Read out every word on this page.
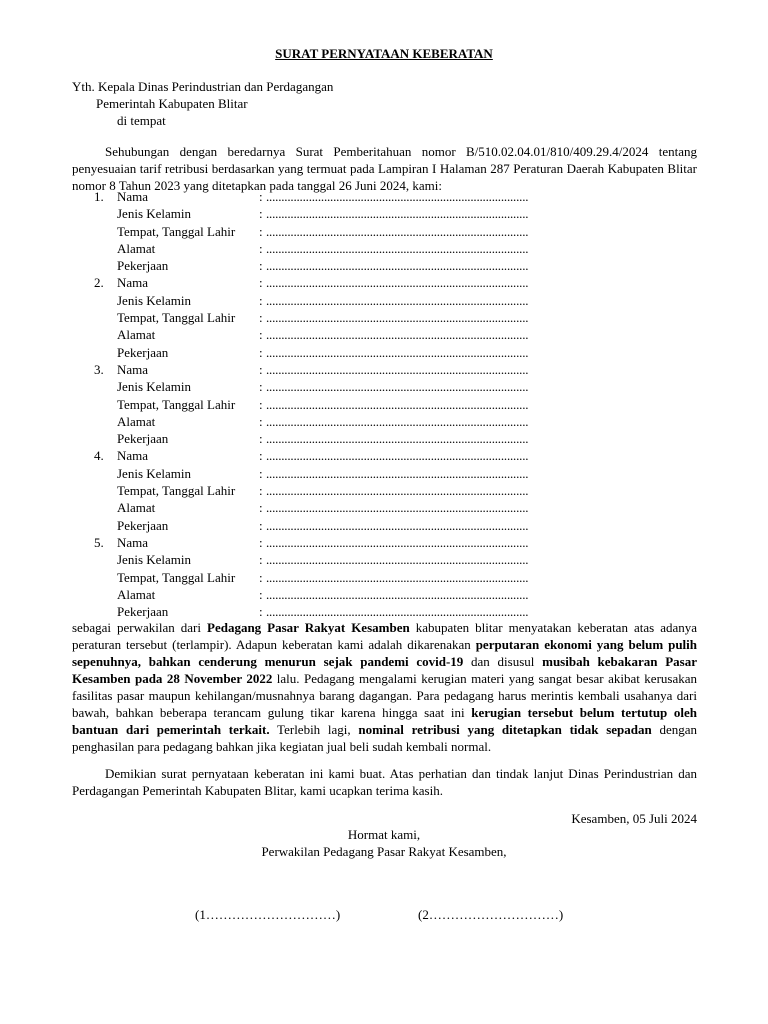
SURAT PERNYATAAN KEBERATAN
Yth. Kepala Dinas Perindustrian dan Perdagangan
Pemerintah Kabupaten Blitar
di tempat
Sehubungan dengan beredarnya Surat Pemberitahuan nomor B/510.02.04.01/810/409.29.4/2024 tentang penyesuaian tarif retribusi berdasarkan yang termuat pada Lampiran I Halaman 287 Peraturan Daerah Kabupaten Blitar nomor 8 Tahun 2023 yang ditetapkan pada tanggal 26 Juni 2024, kami:
1. Nama	: ......................................................................................
Jenis Kelamin	: ......................................................................................
Tempat, Tanggal Lahir : ......................................................................................
Alamat	: ......................................................................................
Pekerjaan	: ......................................................................................
2. Nama	: ......................................................................................
Jenis Kelamin	: ......................................................................................
Tempat, Tanggal Lahir : ......................................................................................
Alamat	: ......................................................................................
Pekerjaan	: ......................................................................................
3. Nama	: ......................................................................................
Jenis Kelamin	: ......................................................................................
Tempat, Tanggal Lahir : ......................................................................................
Alamat	: ......................................................................................
Pekerjaan	: ......................................................................................
4. Nama	: ......................................................................................
Jenis Kelamin	: ......................................................................................
Tempat, Tanggal Lahir : ......................................................................................
Alamat	: ......................................................................................
Pekerjaan	: ......................................................................................
5. Nama	: ......................................................................................
Jenis Kelamin	: ......................................................................................
Tempat, Tanggal Lahir : ......................................................................................
Alamat	: ......................................................................................
Pekerjaan	: ......................................................................................
sebagai perwakilan dari Pedagang Pasar Rakyat Kesamben kabupaten blitar menyatakan keberatan atas adanya peraturan tersebut (terlampir). Adapun keberatan kami adalah dikarenakan perputaran ekonomi yang belum pulih sepenuhnya, bahkan cenderung menurun sejak pandemi covid-19 dan disusul musibah kebakaran Pasar Kesamben pada 28 November 2022 lalu. Pedagang mengalami kerugian materi yang sangat besar akibat kerusakan fasilitas pasar maupun kehilangan/musnahnya barang dagangan. Para pedagang harus merintis kembali usahanya dari bawah, bahkan beberapa terancam gulung tikar karena hingga saat ini kerugian tersebut belum tertutup oleh bantuan dari pemerintah terkait. Terlebih lagi, nominal retribusi yang ditetapkan tidak sepadan dengan penghasilan para pedagang bahkan jika kegiatan jual beli sudah kembali normal.
Demikian surat pernyataan keberatan ini kami buat. Atas perhatian dan tindak lanjut Dinas Perindustrian dan Perdagangan Pemerintah Kabupaten Blitar, kami ucapkan terima kasih.
Kesamben, 05 Juli 2024
Hormat kami,
Perwakilan Pedagang Pasar Rakyat Kesamben,
(1…………………………)	(2…………………………)
